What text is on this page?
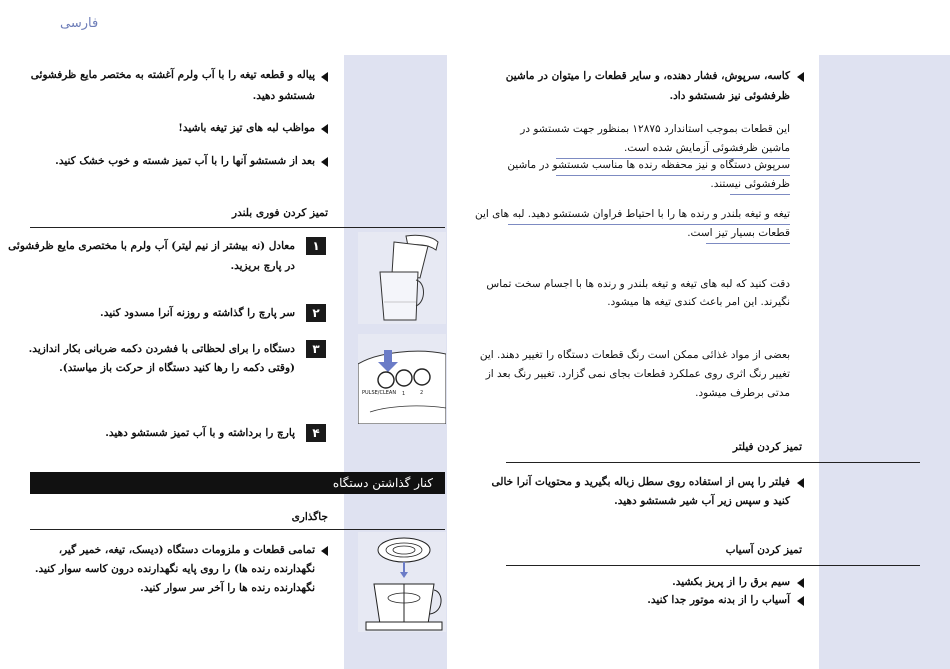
فارسی
پیاله و قطعه تیغه را با آب ولرم آغشته به مختصر مایع ظرفشوئی
شستشو دهید.
مواظب لبه های تیز تیغه باشید!
بعد از شستشو آنها را با آب تمیز شسته و خوب خشک کنید.
تمیز کردن فوری بلندر
۱
معادل (نه بیشتر از نیم لیتر) آب ولرم با مختصری مایع ظرفشوئی
در پارچ بریزید.
۲
سر پارچ را گذاشته و روزنه آنرا مسدود کنید.
۳
دستگاه را برای لحظاتی با فشردن دکمه ضربانی بکار اندازید.
(وقتی دکمه را رها کنید دستگاه از حرکت باز میاستد).
۴
پارچ را برداشته و با آب تمیز شستشو دهید.
1	2
PULSE/CLEAN
کنار گذاشتن دستگاه
جاگذاری
تمامی قطعات و ملزومات دستگاه (دیسک، تیغه، خمیر گیر،
نگهدارنده رنده ها) را روی پایه نگهدارنده درون کاسه سوار کنید.
نگهدارنده رنده ها را آخر سر سوار کنید.
کاسه، سرپوش، فشار دهنده، و سایر قطعات را میتوان در ماشین
ظرفشوئی نیز شستشو داد.
این قطعات بموجب استاندارد ۱۲۸۷۵ بمنظور جهت شستشو در
ماشین ظرفشوئی آزمایش شده است.
سرپوش دستگاه و نیز محفظه رنده ها مناسب شستشو در ماشین
ظرفشوئی نیستند.
تیغه و تیغه بلندر و رنده ها را با احتیاط فراوان شستشو دهید. لبه های این
قطعات بسیار تیز است.
دقت کنید که لبه های تیغه و تیغه بلندر و رنده ها با اجسام سخت تماس
نگیرند. این امر باعث کندی تیغه ها میشود.
بعضی از مواد غذائی ممکن است رنگ قطعات دستگاه را تغییر دهند. این
تغییر رنگ اثری روی عملکرد قطعات بجای نمی گزارد. تغییر رنگ بعد از
مدتی برطرف میشود.
تمیز کردن فیلتر
فیلتر را پس از استفاده روی سطل زباله بگیرید و محتویات آنرا خالی
کنید و سپس زیر آب شیر شستشو دهید.
تمیز کردن آسیاب
سیم برق را از پریز بکشید.
آسیاب را از بدنه موتور جدا کنید.
